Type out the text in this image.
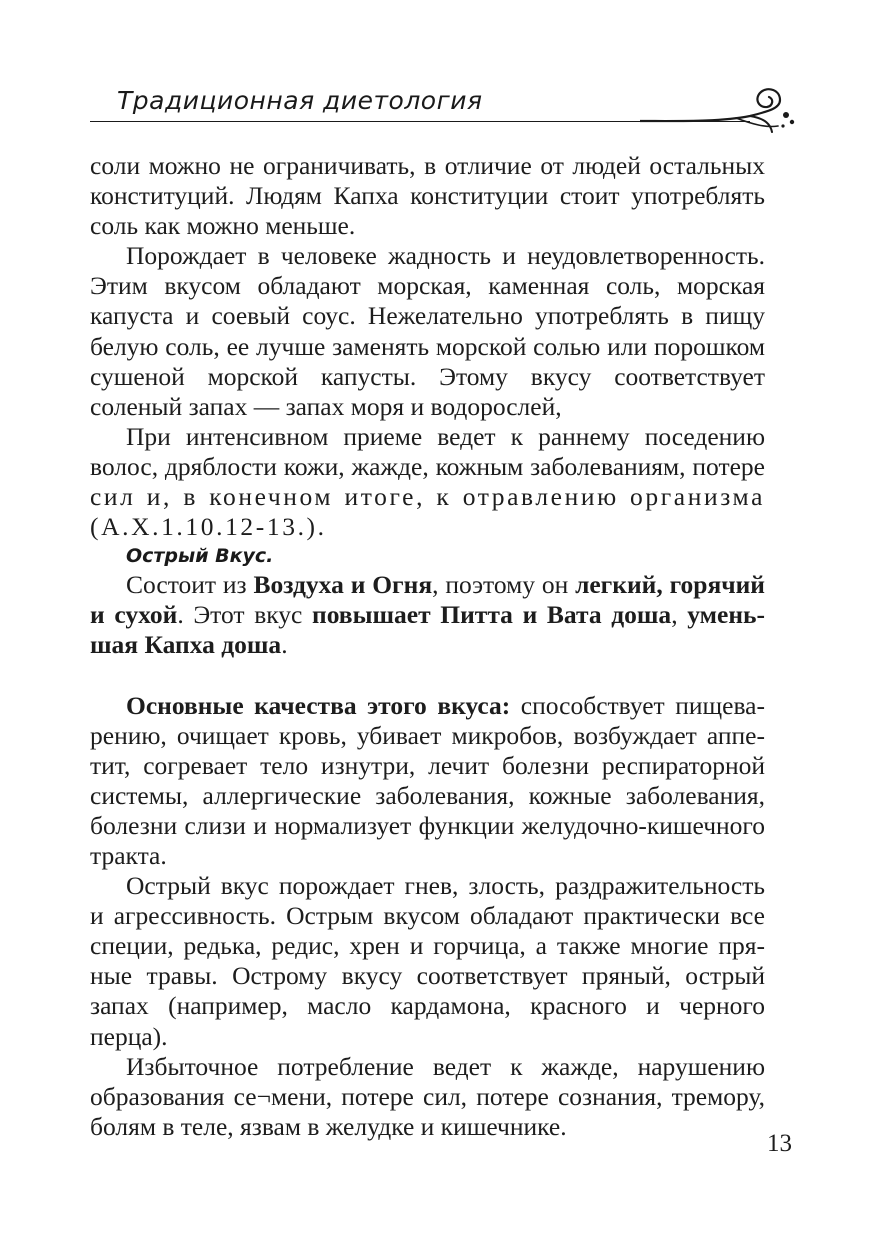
Традиционная диетология

соли можно не ограничивать, в отличие от людей остальных конституций. Людям Капха конституции стоит употреблять соль как можно меньше.

Порождает в человеке жадность и неудовлетворенность. Этим вкусом обладают морская, каменная соль, морская капуста и соевый соус. Нежелательно употреблять в пищу белую соль, ее лучше заменять морской солью или порошком сушеной морской капусты. Этому вкусу соответствует соленый запах — запах моря и водорослей,

При интенсивном приеме ведет к раннему поседению волос, дряблости кожи, жажде, кожным заболеваниям, потере сил и, в конечном итоге, к отравлению организма (А.Х.1.10.12-13.).

Острый Вкус.

Состоит из Воздуха и Огня, поэтому он легкий, горячий и сухой. Этот вкус повышает Питта и Вата доша, уменьшая Капха доша.

Основные качества этого вкуса: способствует пищеварению, очищает кровь, убивает микробов, возбуждает аппетит, согревает тело изнутри, лечит болезни респираторной системы, аллергические заболевания, кожные заболевания, болезни слизи и нормализует функции желудочно-кишечного тракта.

Острый вкус порождает гнев, злость, раздражительность и агрессивность. Острым вкусом обладают практически все специи, редька, редис, хрен и горчица, а также многие пряные травы. Острому вкусу соответствует пряный, острый запах (например, масло кардамона, красного и черного перца).

Избыточное потребление ведет к жажде, нарушению образования се¬мени, потере сил, потере сознания, тремору, болям в теле, язвам в желудке и кишечнике.

13
